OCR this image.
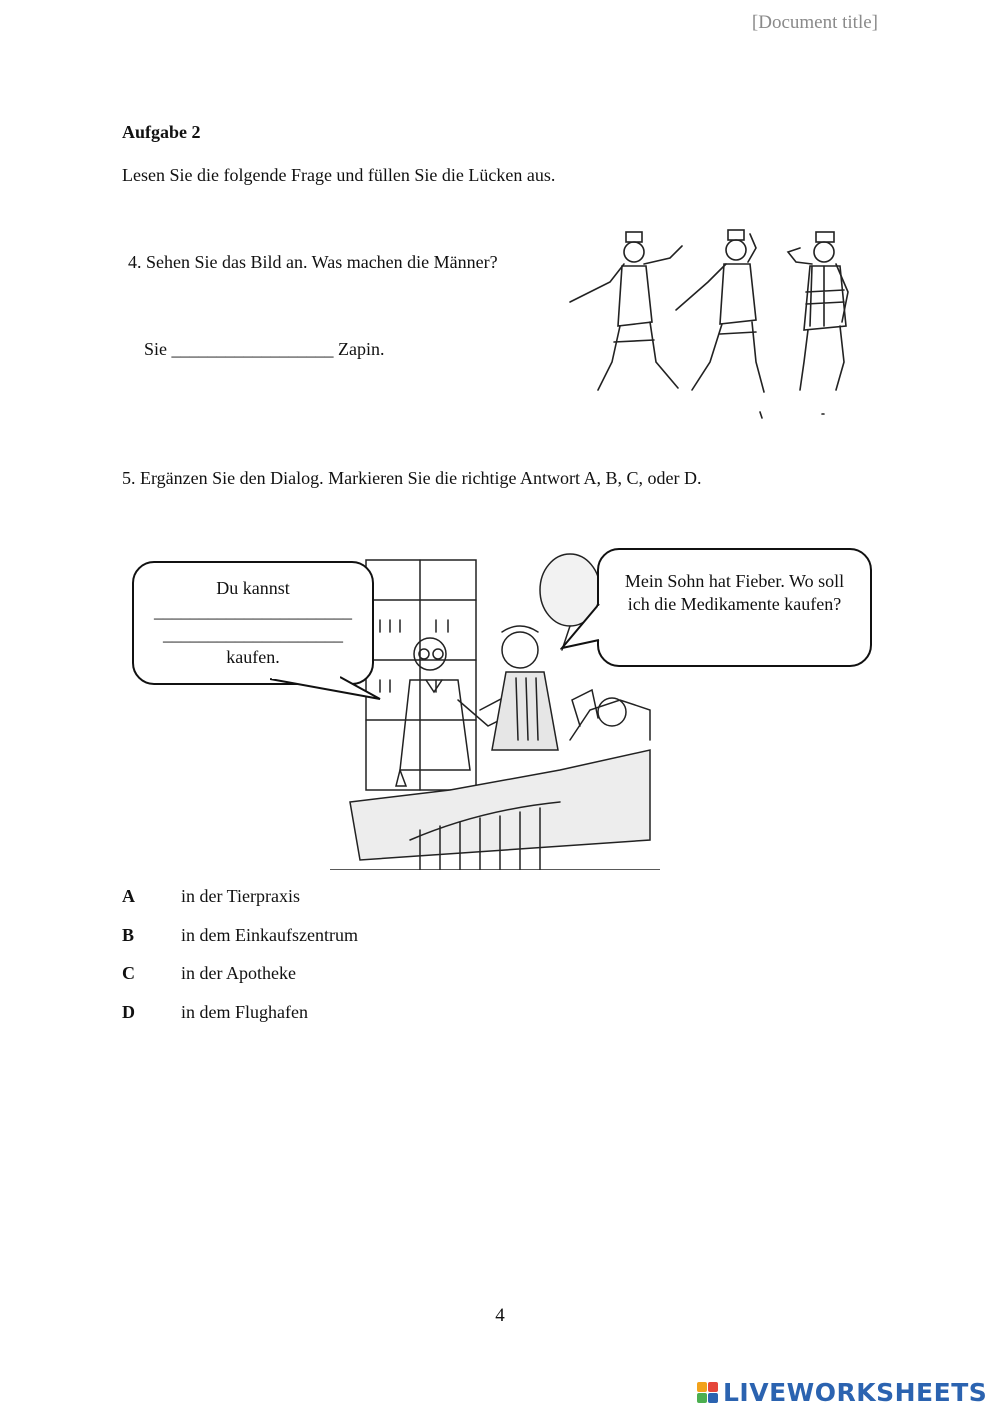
[Document title]
Aufgabe 2
Lesen Sie die folgende Frage und füllen Sie die Lücken aus.
4. Sehen Sie das Bild an. Was machen die Männer?
Sie __________________ Zapin.
5. Ergänzen Sie den Dialog. Markieren Sie die richtige Antwort A, B, C, oder D.
Du kannst
______________________
____________________
kaufen.
Mein Sohn hat Fieber. Wo soll ich die Medikamente kaufen?
A	in der Tierpraxis
B	in dem Einkaufszentrum
C	in der Apotheke
D	in dem Flughafen
4
LIVEWORKSHEETS
